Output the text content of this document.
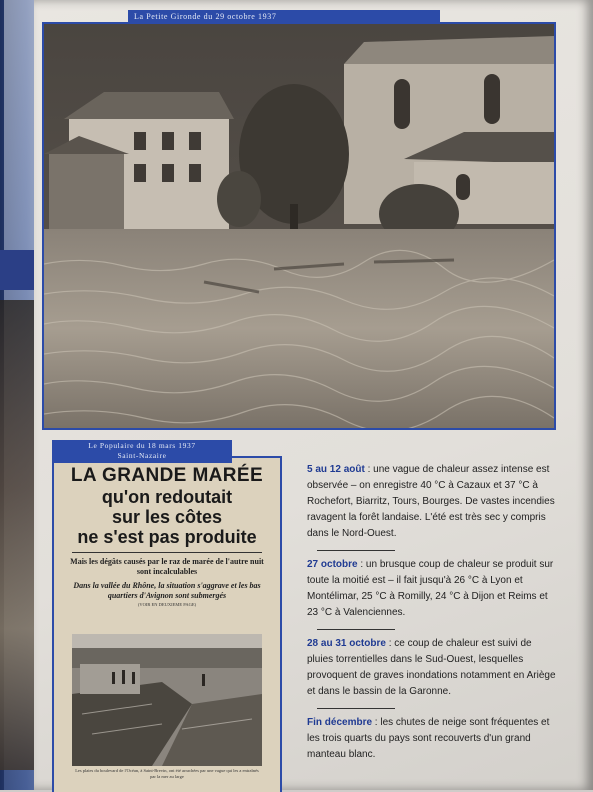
La Petite Gironde du 29 octobre 1937
LA GRANDE MARÉE
qu'on redoutait
sur les côtes
ne s'est pas produite
Mais les dégâts causés par le raz de marée de l'autre nuit sont incalculables
Dans la vallée du Rhône, la situation s'aggrave et les bas quartiers d'Avignon sont submergés
(VOIR EN DEUXIEME PAGE)
Les plaies du boulevard de l'Océan, à Saint-Brevin, ont été arrachées par une vague qui les a entraînés par la mer au large
Le Populaire du 18 mars 1937
Saint-Nazaire

5 au 12 août : une vague de chaleur assez intense est observée – on enregistre 40 °C à Cazaux et 37 °C à Rochefort, Biarritz, Tours, Bourges. De vastes incendies ravagent la forêt landaise. L'été est très sec y compris dans le Nord-Ouest.

27 octobre : un brusque coup de chaleur se produit sur toute la moitié est – il fait jusqu'à 26 °C à Lyon et Montélimar, 25 °C à Romilly, 24 °C à Dijon et Reims et 23 °C à Valenciennes.

28 au 31 octobre : ce coup de chaleur est suivi de pluies torrentielles dans le Sud-Ouest, lesquelles provoquent de graves inondations notamment en Ariège et dans le bassin de la Garonne.

Fin décembre : les chutes de neige sont fréquentes et les trois quarts du pays sont recouverts d'un grand manteau blanc.
